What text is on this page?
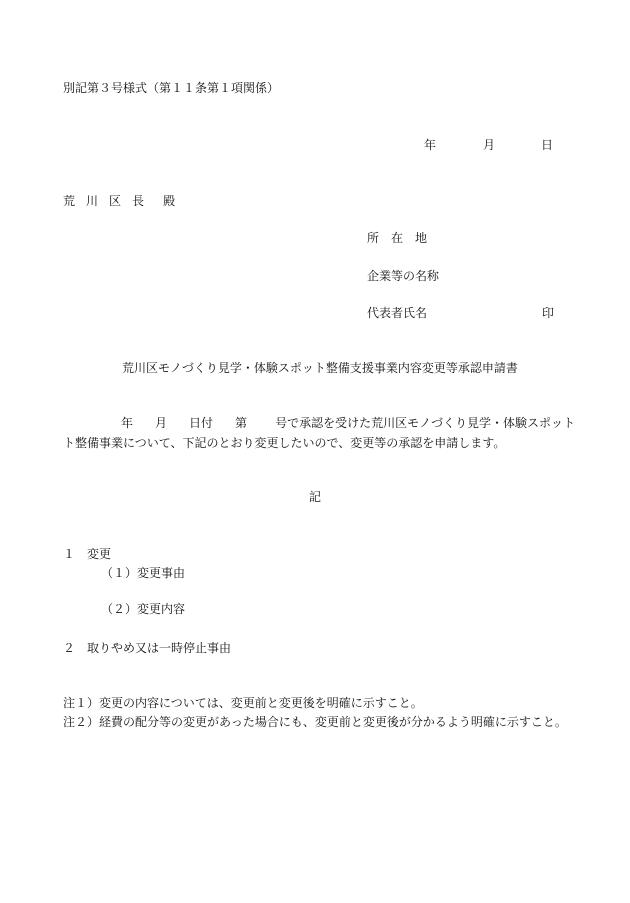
別記第３号様式（第１１条第１項関係）
年	月	日
荒 川 区 長 殿
所　在　地
企業等の名称
代表者氏名	印
荒川区モノづくり見学・体験スポット整備支援事業内容変更等承認申請書
年 月 日付 第 号で承認を受けた荒川区モノづくり見学・体験スポット
ト整備事業について、下記のとおり変更したいので、変更等の承認を申請します。
記
１　変更
（１）変更事由
（２）変更内容
２　取りやめ又は一時停止事由
注１）変更の内容については、変更前と変更後を明確に示すこと。
注２）経費の配分等の変更があった場合にも、変更前と変更後が分かるよう明確に示すこと。
